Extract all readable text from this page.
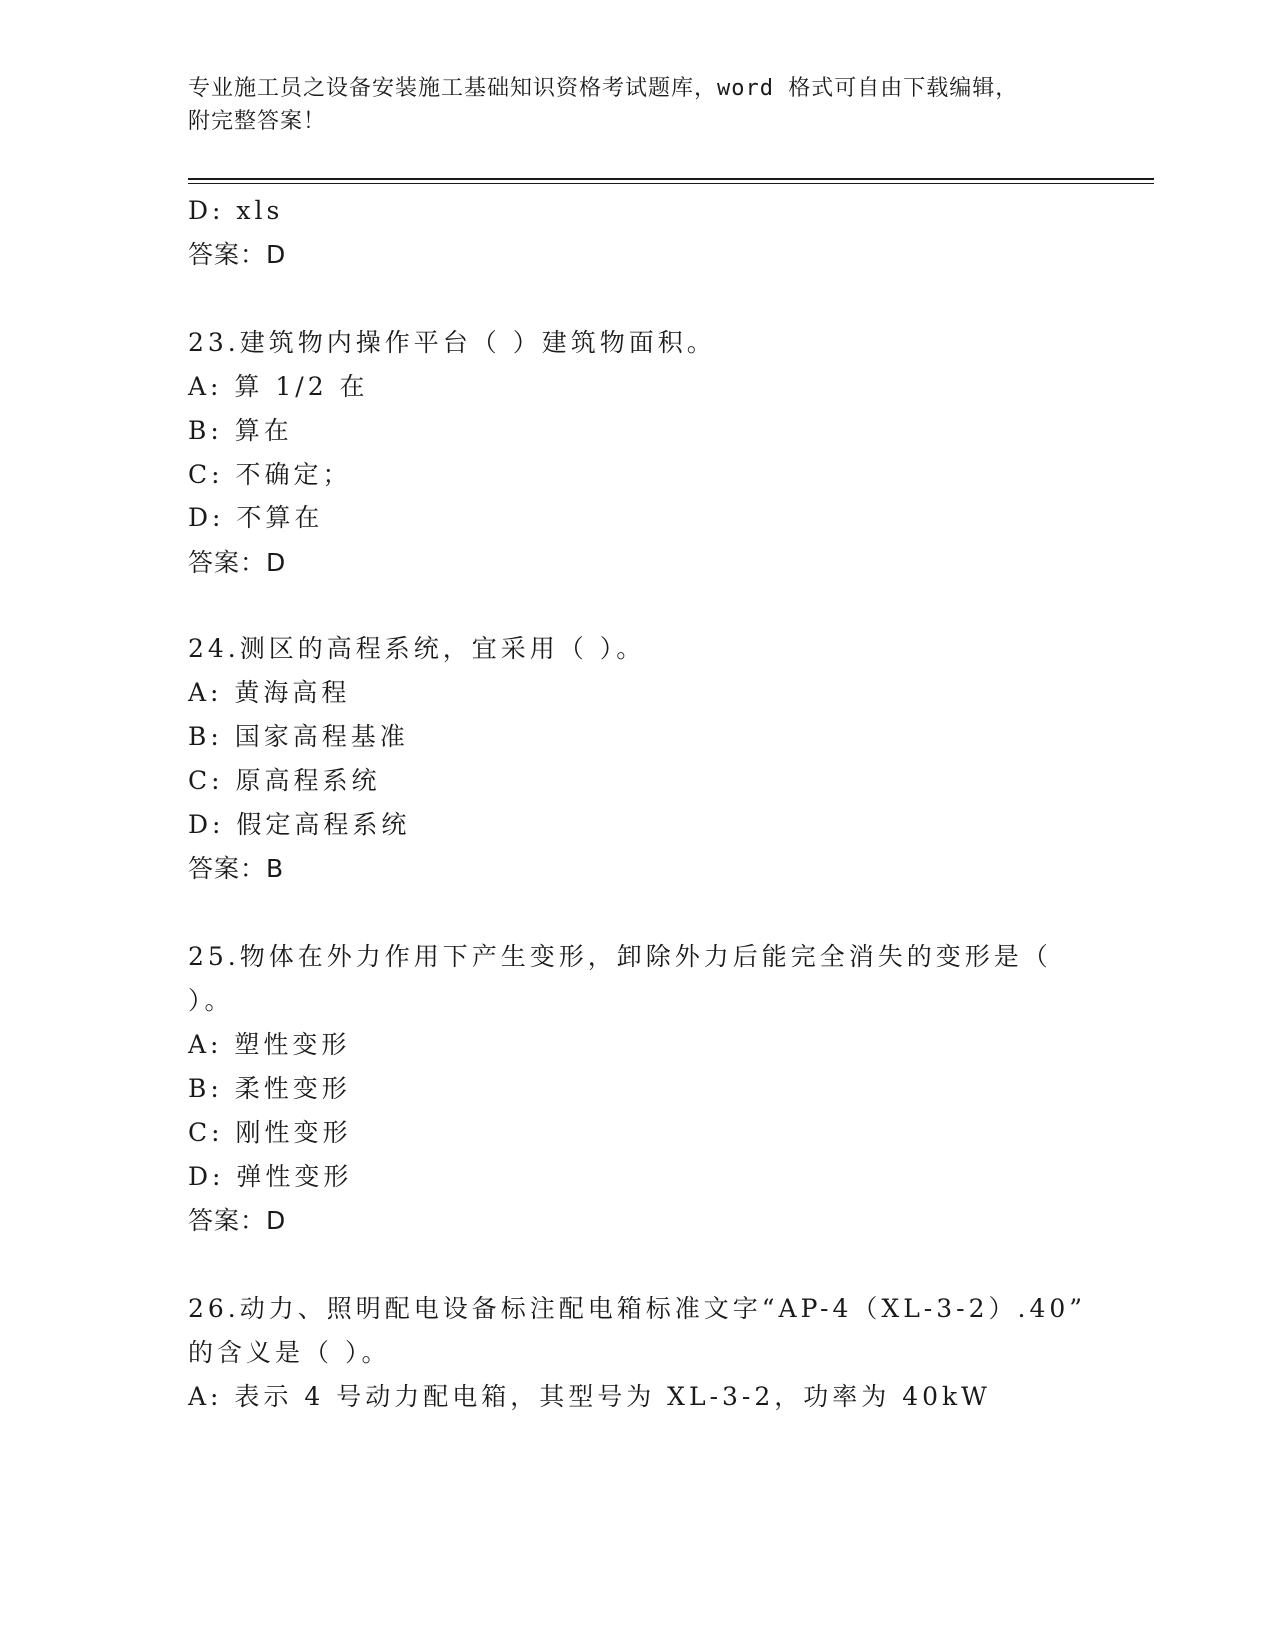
专业施工员之设备安装施工基础知识资格考试题库，word 格式可自由下载编辑，
附完整答案！
D: xls
答案：D
23.建筑物内操作平台（ ）建筑物面积。
A: 算 1/2 在
B: 算在
C: 不确定；
D: 不算在
答案：D
24.测区的高程系统，宜采用（ ）。
A: 黄海高程
B: 国家高程基准
C: 原高程系统
D: 假定高程系统
答案：B
25.物体在外力作用下产生变形，卸除外力后能完全消失的变形是（
）。
A: 塑性变形
B: 柔性变形
C: 刚性变形
D: 弹性变形
答案：D
26.动力、照明配电设备标注配电箱标准文字“AP-4（XL-3-2）.40”
的含义是（ ）。
A: 表示 4 号动力配电箱，其型号为 XL-3-2，功率为 40kW
